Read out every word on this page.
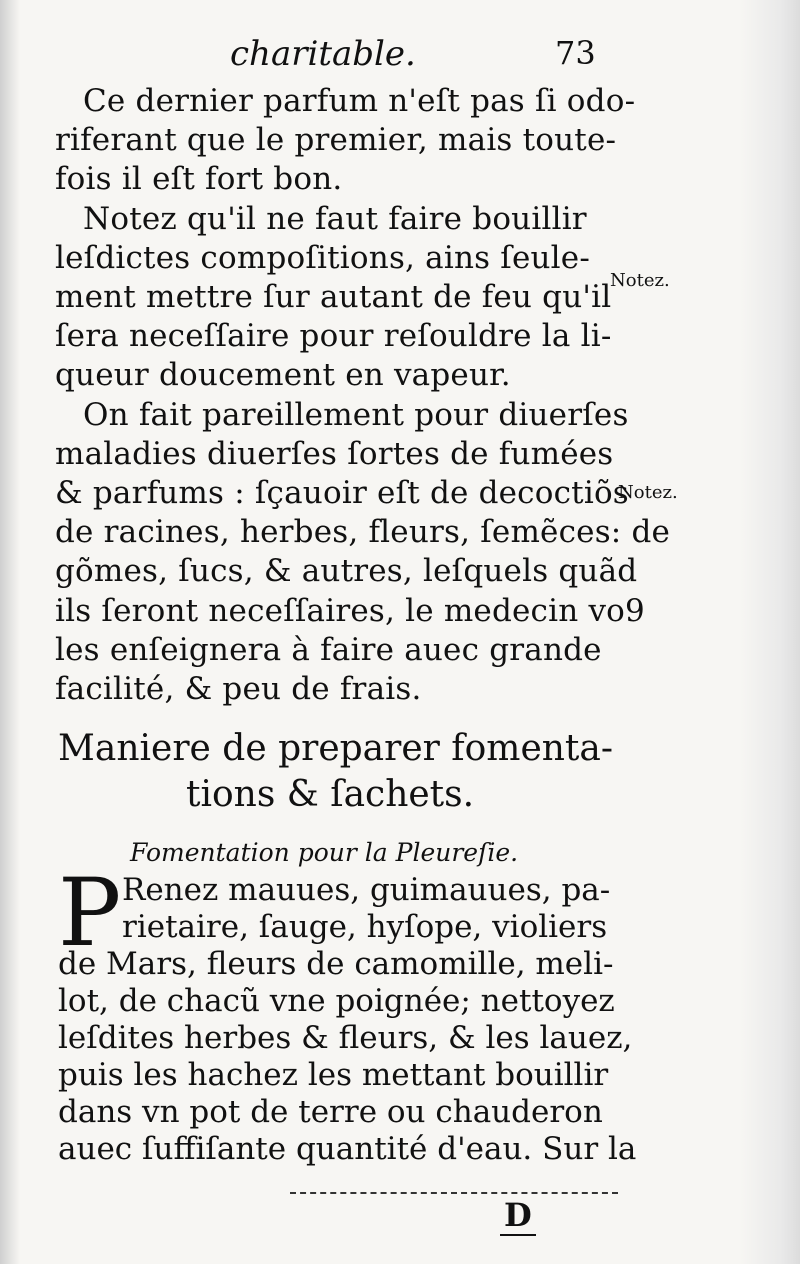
charitable.	73
Ce dernier parfum n'eſt pas ſi odo-
riferant que le premier, mais toute-
fois il eſt fort bon.
Notez qu'il ne faut faire bouillir
leſdictes compoſitions, ains ſeule-
ment mettre ſur autant de feu qu'il
ſera neceſſaire pour reſouldre la li-
queur doucement en vapeur.
On fait pareillement pour diuerſes
maladies diuerſes ſortes de fumées
& parfums : ſçauoir eſt de decoctiõs
de racines, herbes, fleurs, ſemẽces: de
gõmes, ſucs, & autres, leſquels quãd
ils ſeront neceſſaires, le medecin vo9
les enſeignera à faire auec grande
facilité, & peu de frais.
Notez.
Notez.
Maniere de preparer fomenta-
tions & ſachets.
Fomentation pour la Pleureſie.
P Renez mauues, guimauues, pa-
rietaire, ſauge, hyſope, violiers
de Mars, fleurs de camomille, meli-
lot, de chacũ vne poignée; nettoyez
leſdites herbes & fleurs, & les lauez,
puis les hachez les mettant bouillir
dans vn pot de terre ou chauderon
auec ſuffiſante quantité d'eau. Sur la
D
